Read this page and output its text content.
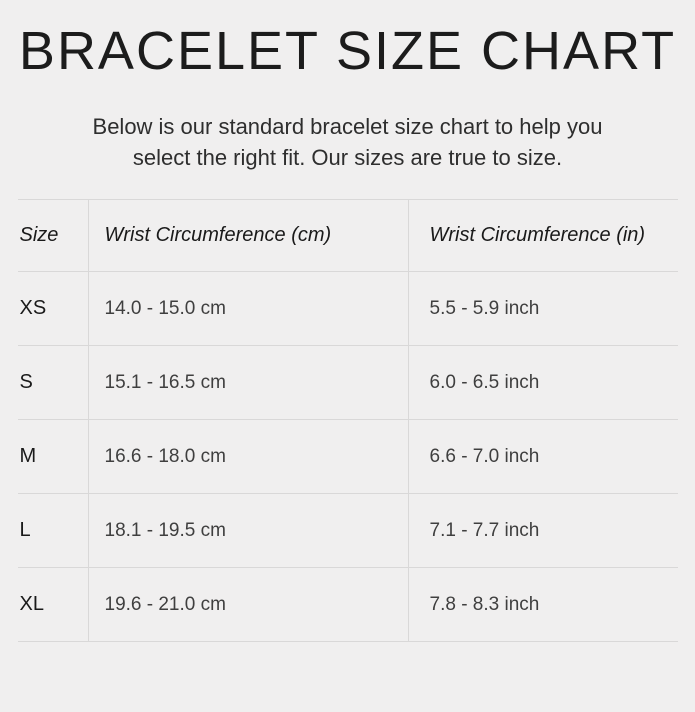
BRACELET SIZE CHART

Below is our standard bracelet size chart to help you
select the right fit. Our sizes are true to size.

Size	Wrist Circumference (cm)	Wrist Circumference (in)
XS	14.0 - 15.0 cm	5.5 - 5.9 inch
S	15.1 - 16.5 cm	6.0 - 6.5 inch
M	16.6 - 18.0 cm	6.6 - 7.0 inch
L	18.1 - 19.5 cm	7.1 - 7.7 inch
XL	19.6 - 21.0 cm	7.8 - 8.3 inch
